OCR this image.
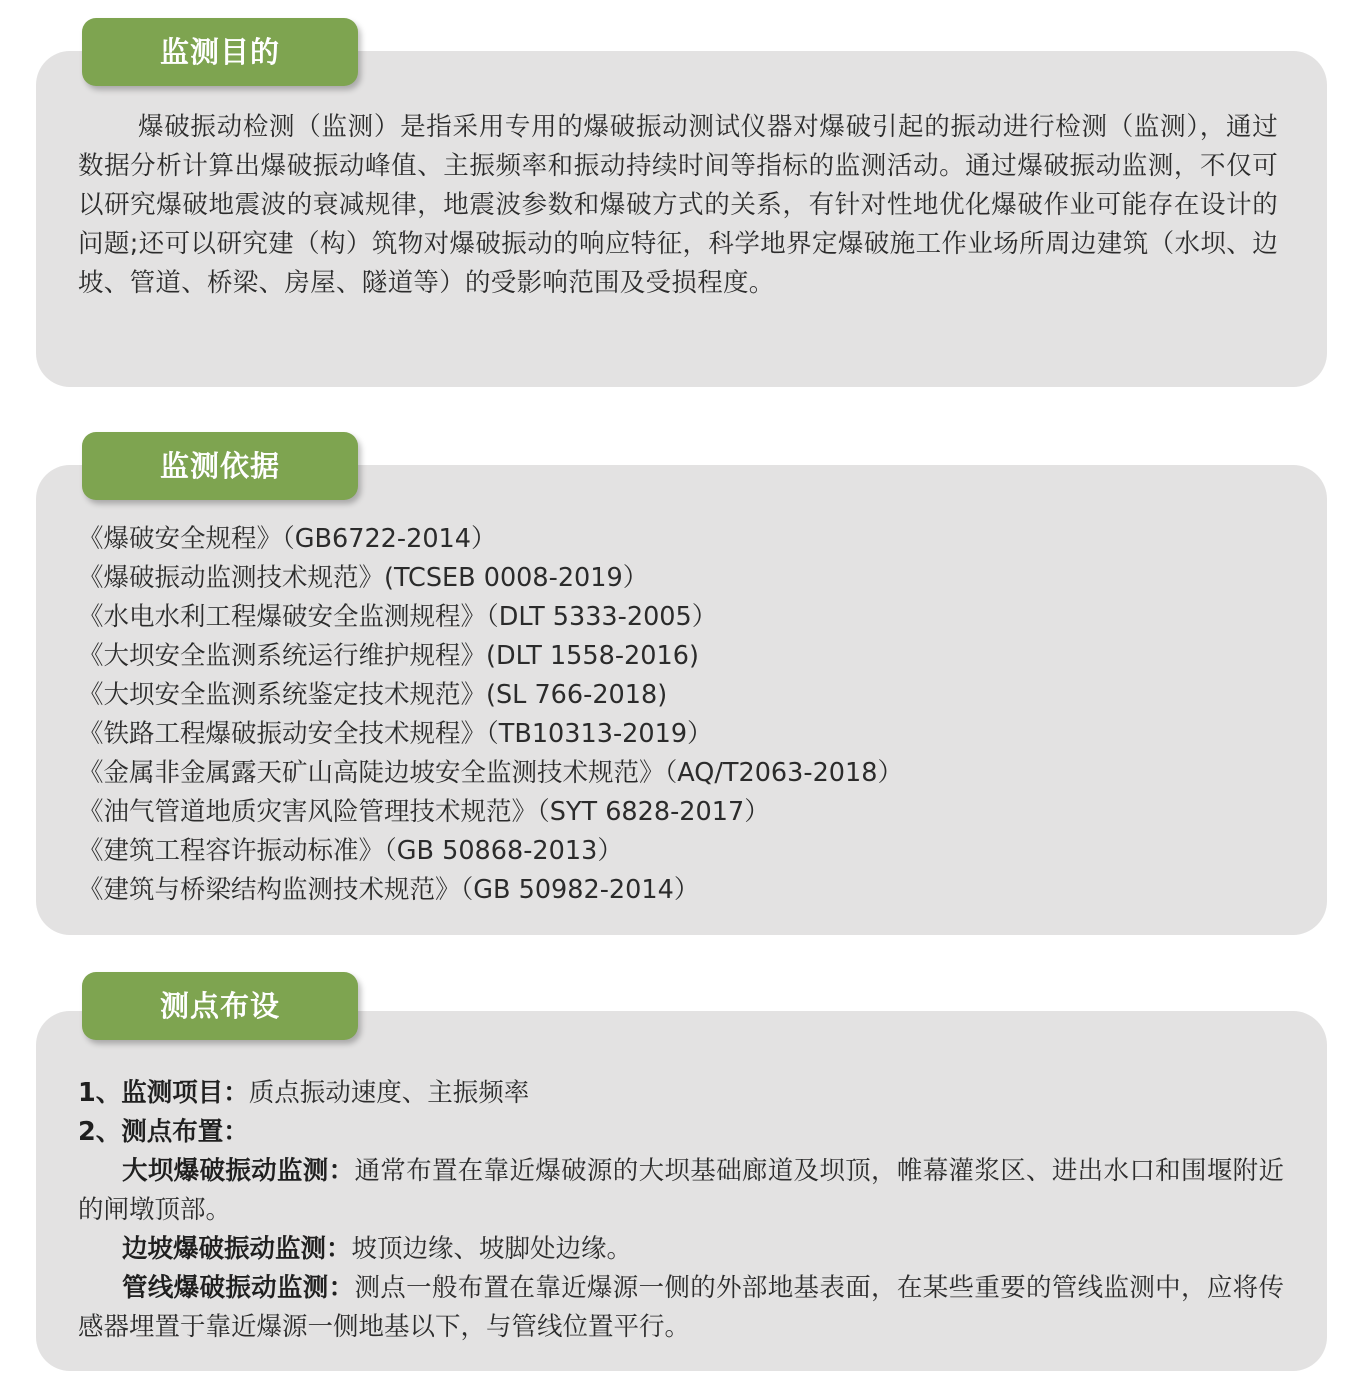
监测目的

爆破振动检测（监测）是指采用专用的爆破振动测试仪器对爆破引起的振动进行检测（监测），通过数据分析计算出爆破振动峰值、主振频率和振动持续时间等指标的监测活动。通过爆破振动监测，不仅可以研究爆破地震波的衰减规律，地震波参数和爆破方式的关系，有针对性地优化爆破作业可能存在设计的问题;还可以研究建（构）筑物对爆破振动的响应特征，科学地界定爆破施工作业场所周边建筑（水坝、边坡、管道、桥梁、房屋、隧道等）的受影响范围及受损程度。

监测依据
《爆破安全规程》（GB6722-2014）
《爆破振动监测技术规范》(TCSEB 0008-2019）
《水电水利工程爆破安全监测规程》（DLT 5333-2005）
《大坝安全监测系统运行维护规程》(DLT 1558-2016)
《大坝安全监测系统鉴定技术规范》(SL 766-2018)
《铁路工程爆破振动安全技术规程》（TB10313-2019）
《金属非金属露天矿山高陡边坡安全监测技术规范》（AQ/T2063-2018）
《油气管道地质灾害风险管理技术规范》（SYT 6828-2017）
《建筑工程容许振动标准》（GB 50868-2013）
《建筑与桥梁结构监测技术规范》（GB 50982-2014）
测点布设

1、监测项目：质点振动速度、主振频率

2、测点布置：

大坝爆破振动监测：通常布置在靠近爆破源的大坝基础廊道及坝顶，帷幕灌浆区、进出水口和围堰附近的闸墩顶部。

边坡爆破振动监测：坡顶边缘、坡脚处边缘。

管线爆破振动监测：测点一般布置在靠近爆源一侧的外部地基表面，在某些重要的管线监测中，应将传感器埋置于靠近爆源一侧地基以下，与管线位置平行。
